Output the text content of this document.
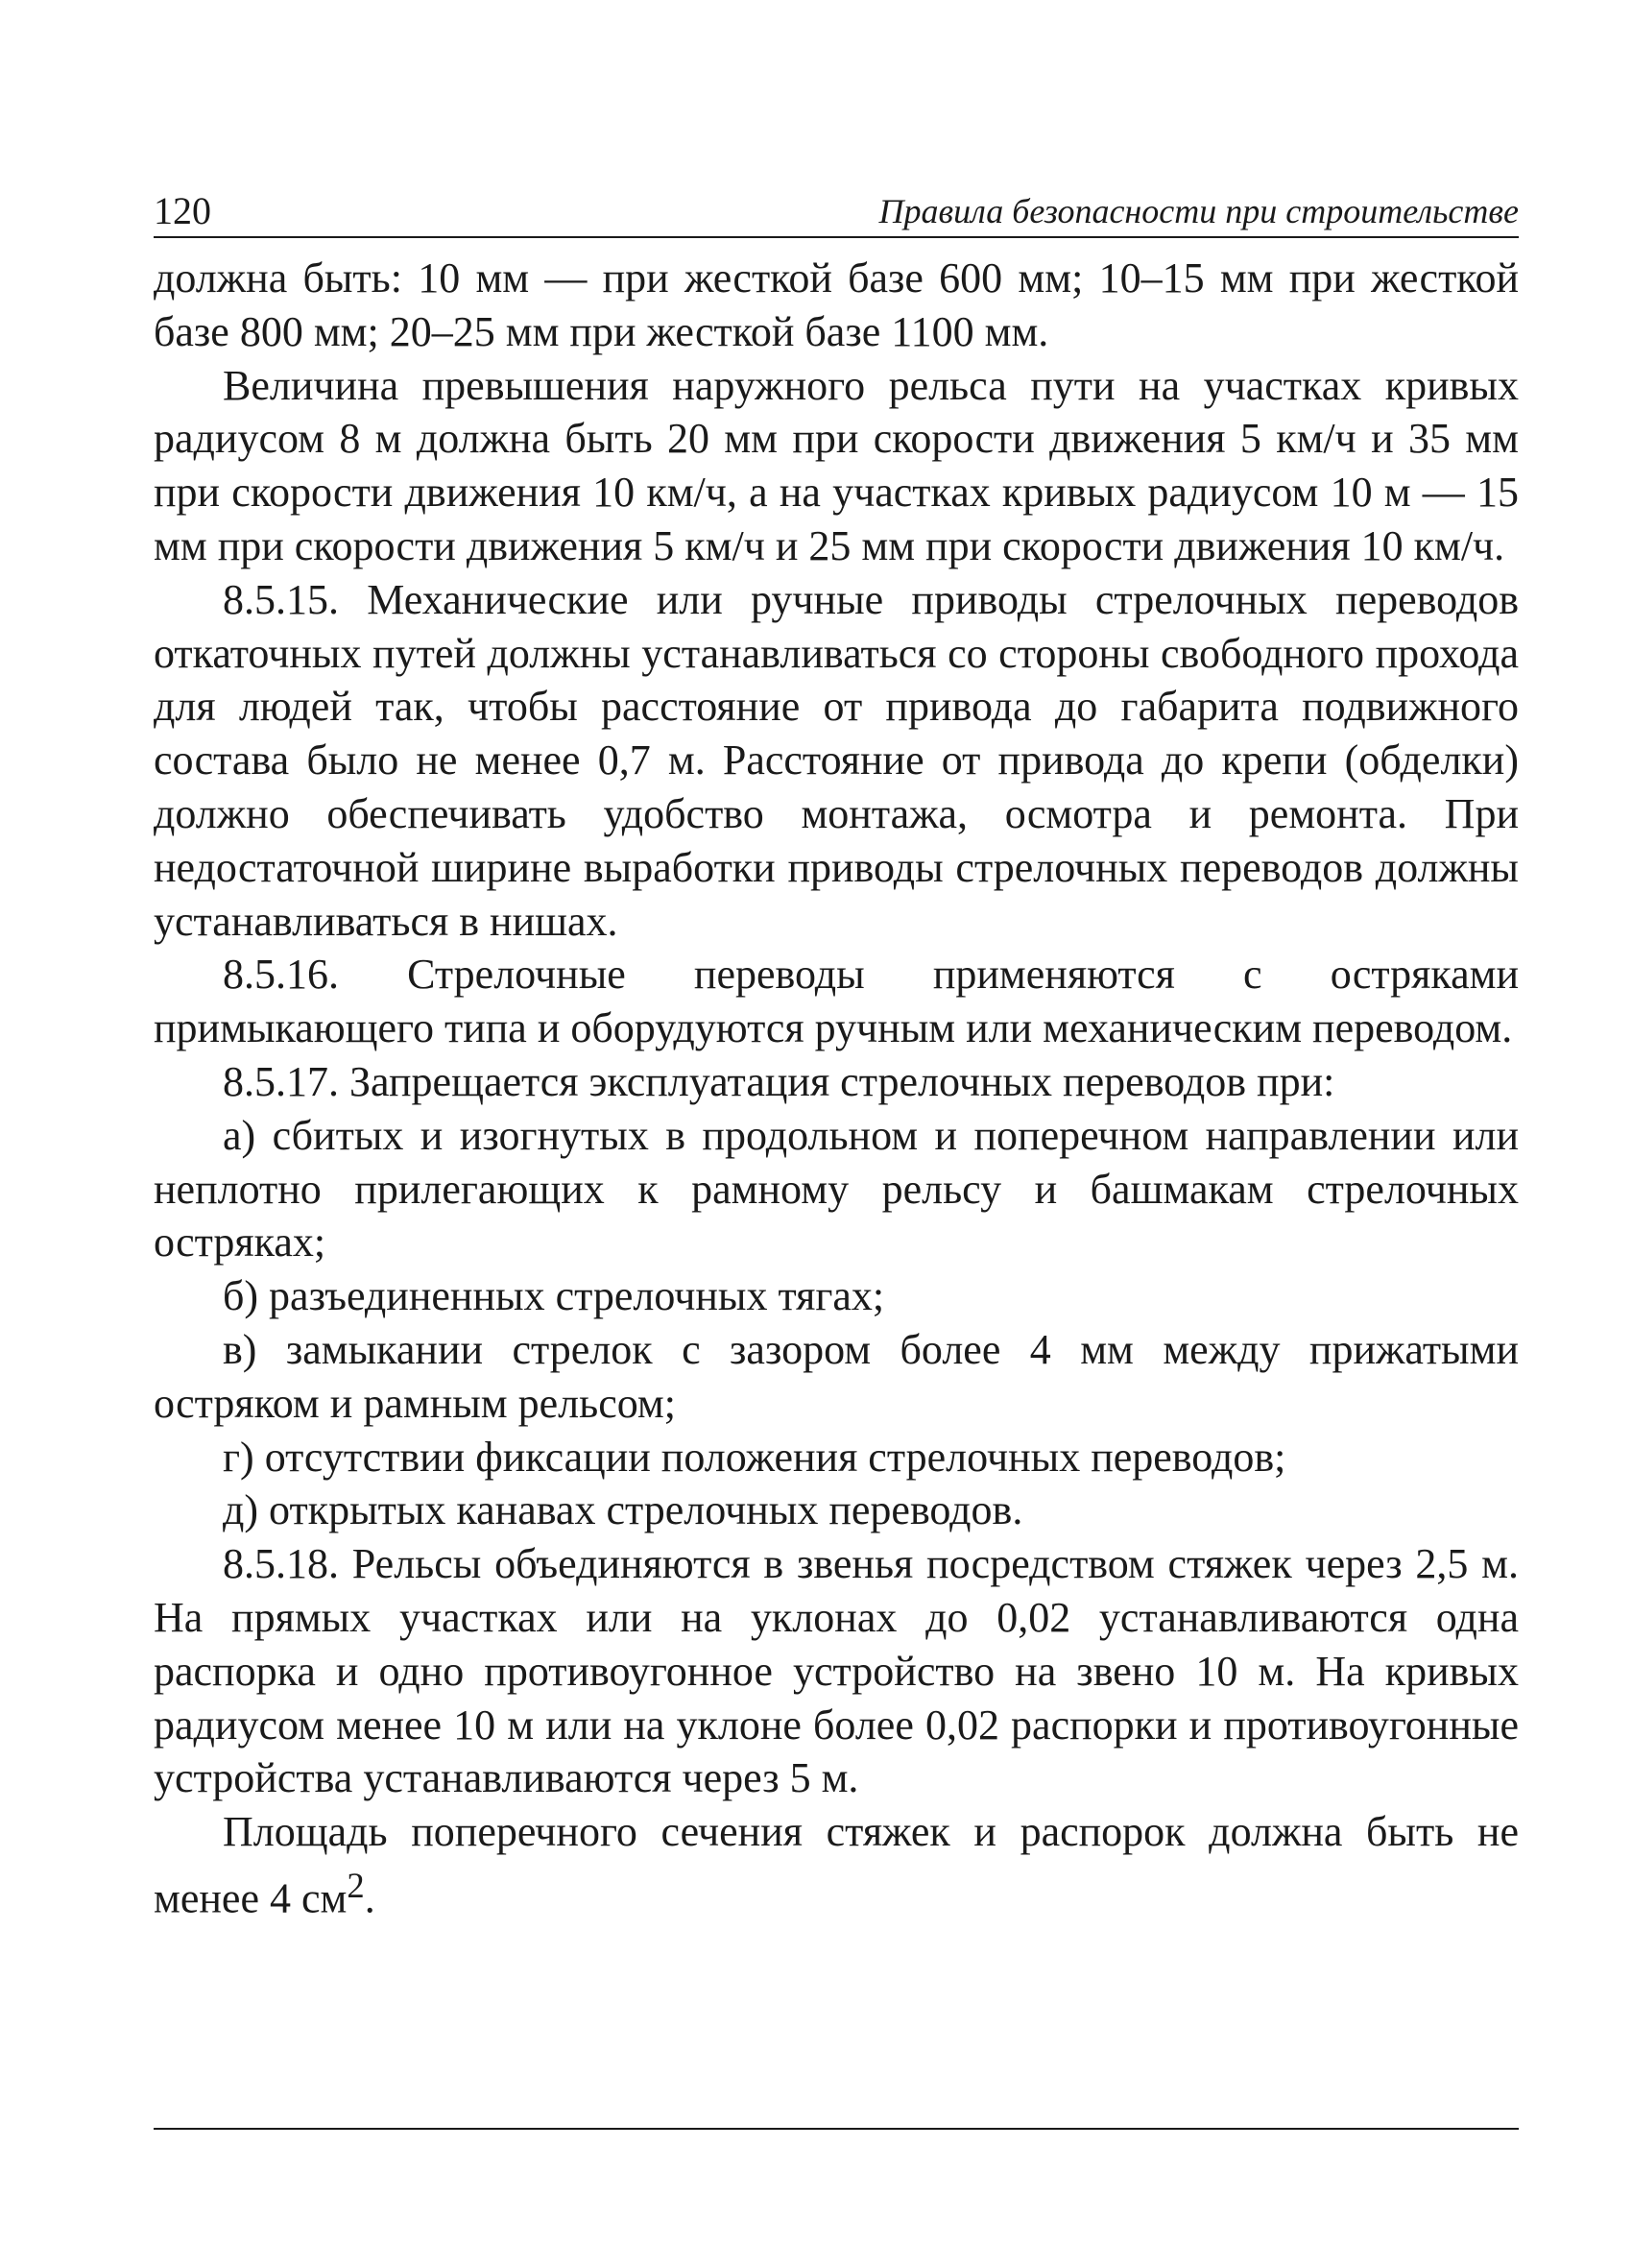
120	Правила безопасности при строительстве

должна быть: 10 мм — при жесткой базе 600 мм; 10–15 мм при жесткой базе 800 мм; 20–25 мм при жесткой базе 1100 мм.

Величина превышения наружного рельса пути на участках кривых радиусом 8 м должна быть 20 мм при скорости движения 5 км/ч и 35 мм при скорости движения 10 км/ч, а на участках кривых радиусом 10 м — 15 мм при скорости движения 5 км/ч и 25 мм при скорости движения 10 км/ч.

8.5.15. Механические или ручные приводы стрелочных переводов откаточных путей должны устанавливаться со стороны свободного прохода для людей так, чтобы расстояние от привода до габарита подвижного состава было не менее 0,7 м. Расстояние от привода до крепи (обделки) должно обеспечивать удобство монтажа, осмотра и ремонта. При недостаточной ширине выработки приводы стрелочных переводов должны устанавливаться в нишах.

8.5.16. Стрелочные переводы применяются с остряками примыкающего типа и оборудуются ручным или механическим переводом.

8.5.17. Запрещается эксплуатация стрелочных переводов при:

а) сбитых и изогнутых в продольном и поперечном направлении или неплотно прилегающих к рамному рельсу и башмакам стрелочных остряках;

б) разъединенных стрелочных тягах;

в) замыкании стрелок с зазором более 4 мм между прижатыми остряком и рамным рельсом;

г) отсутствии фиксации положения стрелочных переводов;

д) открытых канавах стрелочных переводов.

8.5.18. Рельсы объединяются в звенья посредством стяжек через 2,5 м. На прямых участках или на уклонах до 0,02 устанавливаются одна распорка и одно противоугонное устройство на звено 10 м. На кривых радиусом менее 10 м или на уклоне более 0,02 распорки и противоугонные устройства устанавливаются через 5 м.

Площадь поперечного сечения стяжек и распорок должна быть не менее 4 $см^2$.
